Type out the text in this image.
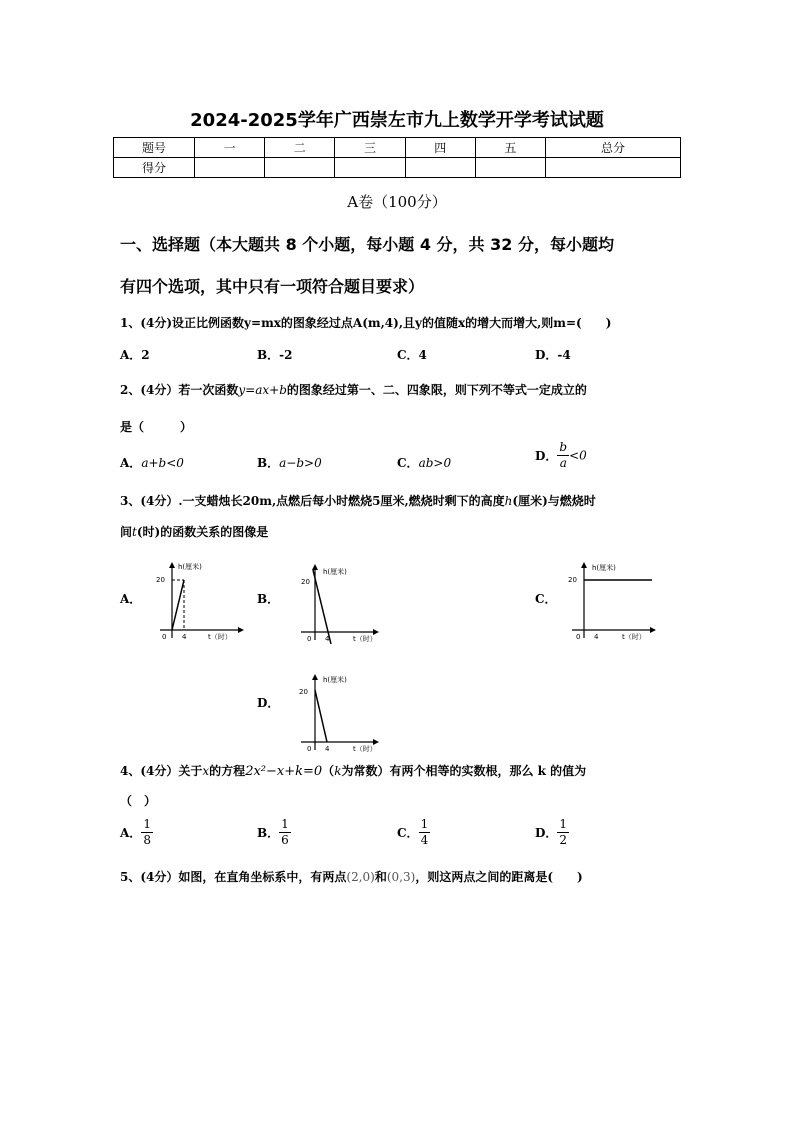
2024-2025学年广西崇左市九上数学开学考试试题
题号	一	二	三	四	五	总分
得分						
A卷（100分）
一、选择题（本大题共 8 个小题，每小题 4 分，共 32 分，每小题均
有四个选项，其中只有一项符合题目要求）
1、(4分)设正比例函数y=mx的图象经过点A(m,4),且y的值随x的增大而增大,则m=(　　)
A．2	B．-2	C．4	D．-4
2、(4分）若一次函数y=ax+b的图象经过第一、二、四象限，则下列不等式一定成立的
是（　　　）
A．a+b<0	B．a−b>0	C．ab>0	D． $\frac{b}{a} <0$
3、(4分）.一支蜡烛长20m,点燃后每小时燃烧5厘米,燃烧时剩下的高度h(厘米)与燃烧时
间t(时)的函数关系的图像是
A．	B．	C．
D．
h(厘米)
20
0 4	t（时）
h(厘米)
20
0 4	t（时）
h(厘米)
20
0 4	t（时）
h(厘米)
20
0 4	t（时）
4、(4分）关于x的方程2x²−x+k=0（k为常数）有两个相等的实数根，那么 k 的值为
（　）
A． $\frac{1}{8}$	B． $\frac{1}{6}$	C． $\frac{1}{4}$	D． $\frac{1}{2}$
5、(4分）如图，在直角坐标系中，有两点(2,0)和(0,3)，则这两点之间的距离是(　　)
